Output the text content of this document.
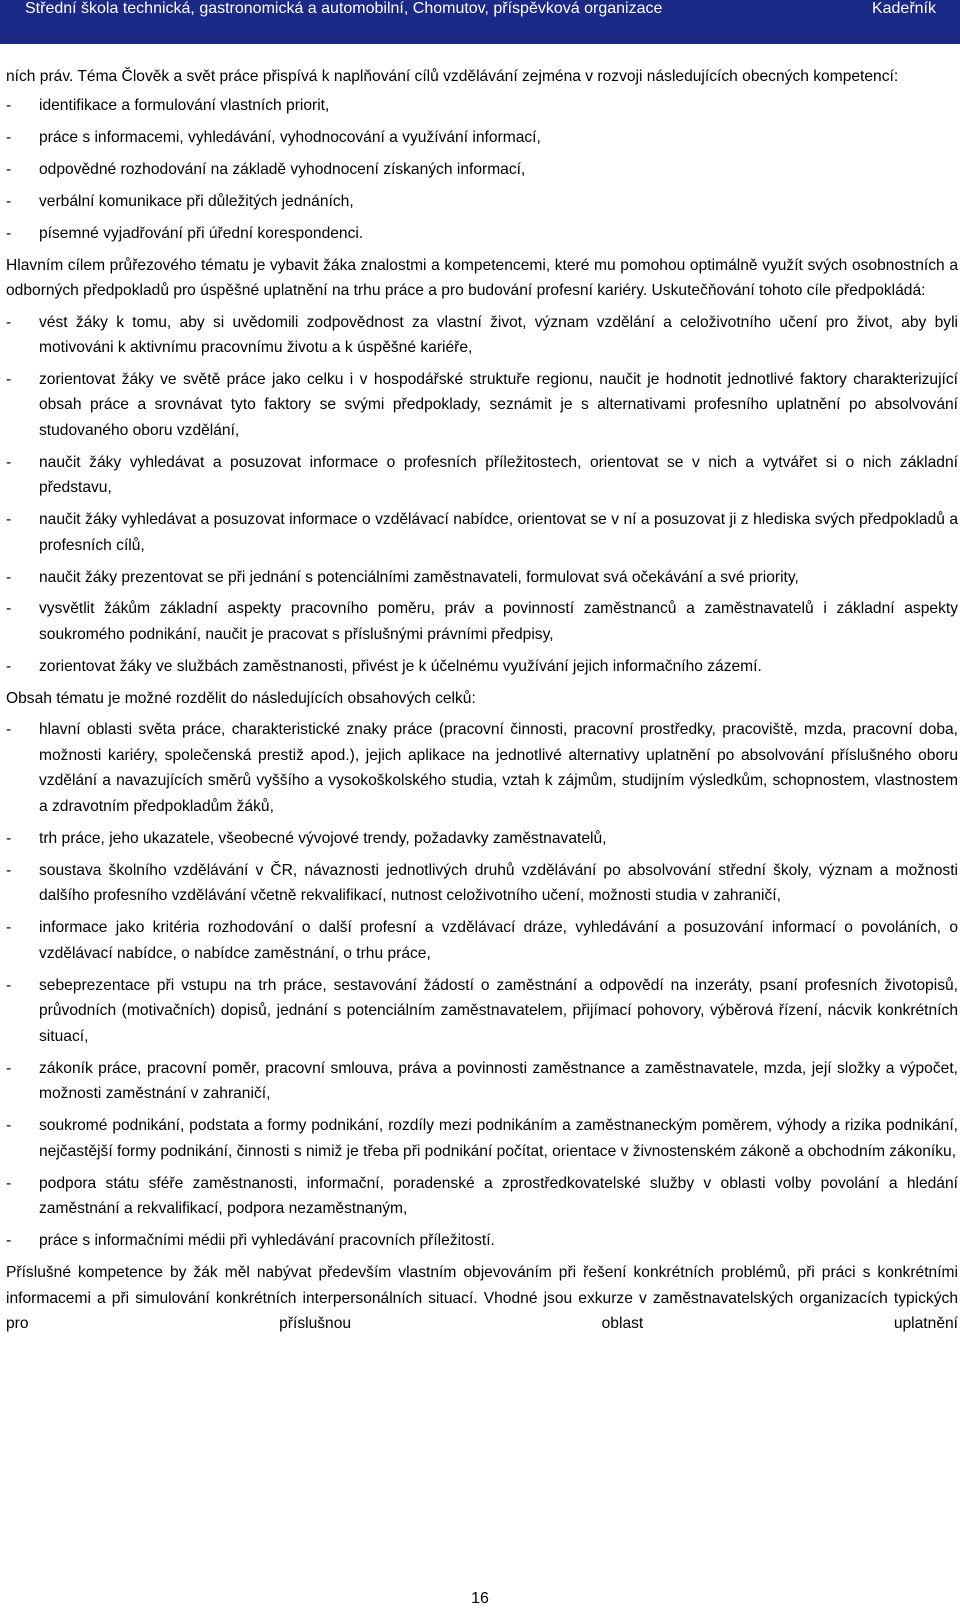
Střední škola technická, gastronomická a automobilní, Chomutov, příspěvková organizace	Kadeřník

ních práv. Téma Člověk a svět práce přispívá k naplňování cílů vzdělávání zejména v rozvoji následujících obecných kompetencí:

- identifikace a formulování vlastních priorit,
- práce s informacemi, vyhledávání, vyhodnocování a využívání informací,
- odpovědné rozhodování na základě vyhodnocení získaných informací,
- verbální komunikace při důležitých jednáních,
- písemné vyjadřování při úřední korespondenci.

Hlavním cílem průřezového tématu je vybavit žáka znalostmi a kompetencemi, které mu pomohou optimálně využít svých osobnostních a odborných předpokladů pro úspěšné uplatnění na trhu práce a pro budování profesní kariéry. Uskutečňování tohoto cíle předpokládá:

- vést žáky k tomu, aby si uvědomili zodpovědnost za vlastní život, význam vzdělání a celoživotního učení pro život, aby byli motivováni k aktivnímu pracovnímu životu a k úspěšné kariéře,
- zorientovat žáky ve světě práce jako celku i v hospodářské struktuře regionu, naučit je hodnotit jednotlivé faktory charakterizující obsah práce a srovnávat tyto faktory se svými předpoklady, seznámit je s alternativami profesního uplatnění po absolvování studovaného oboru vzdělání,
- naučit žáky vyhledávat a posuzovat informace o profesních příležitostech, orientovat se v nich a vytvářet si o nich základní představu,
- naučit žáky vyhledávat a posuzovat informace o vzdělávací nabídce, orientovat se v ní a posuzovat ji z hlediska svých předpokladů a profesních cílů,
- naučit žáky prezentovat se při jednání s potenciálními zaměstnavateli, formulovat svá očekávání a své priority,
- vysvětlit žákům základní aspekty pracovního poměru, práv a povinností zaměstnanců a zaměstnavatelů i základní aspekty soukromého podnikání, naučit je pracovat s příslušnými právními předpisy,
- zorientovat žáky ve službách zaměstnanosti, přivést je k účelnému využívání jejich informačního zázemí.

Obsah tématu je možné rozdělit do následujících obsahových celků:

- hlavní oblasti světa práce, charakteristické znaky práce (pracovní činnosti, pracovní prostředky, pracoviště, mzda, pracovní doba, možnosti kariéry, společenská prestiž apod.), jejich aplikace na jednotlivé alternativy uplatnění po absolvování příslušného oboru vzdělání a navazujících směrů vyššího a vysokoškolského studia, vztah k zájmům, studijním výsledkům, schopnostem, vlastnostem a zdravotním předpokladům žáků,
- trh práce, jeho ukazatele, všeobecné vývojové trendy, požadavky zaměstnavatelů,
- soustava školního vzdělávání v ČR, návaznosti jednotlivých druhů vzdělávání po absolvování střední školy, význam a možnosti dalšího profesního vzdělávání včetně rekvalifikací, nutnost celoživotního učení, možnosti studia v zahraničí,
- informace jako kritéria rozhodování o další profesní a vzdělávací dráze, vyhledávání a posuzování informací o povoláních, o vzdělávací nabídce, o nabídce zaměstnání, o trhu práce,
- sebeprezentace při vstupu na trh práce, sestavování žádostí o zaměstnání a odpovědí na inzeráty, psaní profesních životopisů, průvodních (motivačních) dopisů, jednání s potenciálním zaměstnavatelem, přijímací pohovory, výběrová řízení, nácvik konkrétních situací,
- zákoník práce, pracovní poměr, pracovní smlouva, práva a povinnosti zaměstnance a zaměstnavatele, mzda, její složky a výpočet, možnosti zaměstnání v zahraničí,
- soukromé podnikání, podstata a formy podnikání, rozdíly mezi podnikáním a zaměstnaneckým poměrem, výhody a rizika podnikání, nejčastější formy podnikání, činnosti s nimiž je třeba při podnikání počítat, orientace v živnostenském zákoně a obchodním zákoníku,
- podpora státu sféře zaměstnanosti, informační, poradenské a zprostředkovatelské služby v oblasti volby povolání a hledání zaměstnání a rekvalifikací, podpora nezaměstnaným,
- práce s informačními médii při vyhledávání pracovních příležitostí.

Příslušné kompetence by žák měl nabývat především vlastním objevováním při řešení konkrétních problémů, při práci s konkrétními informacemi a při simulování konkrétních interpersonálních situací. Vhodné jsou exkurze v zaměstnavatelských organizacích typických pro příslušnou oblast uplatnění

16
